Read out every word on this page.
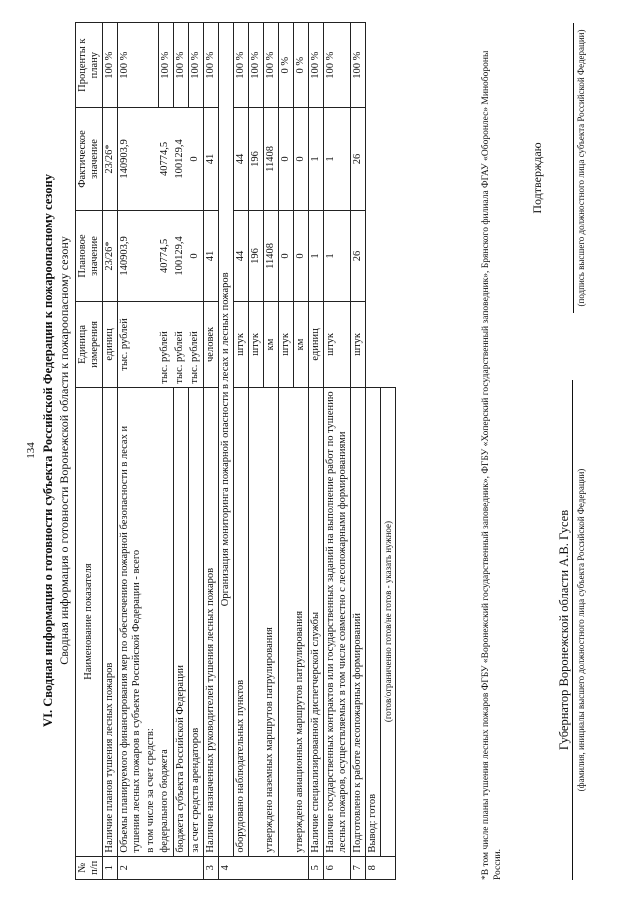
134 VI. Сводная информация о готовности субъекта Российской Федерации к пожароопасному сезону Сводная информация о готовности Воронежской области к пожароопасному сезону
№ п/п	Наименование показателя	Единица измерения	Плановое значение	Фактическое значение	Проценты к плану
1	Наличие планов тушения лесных пожаров	единиц	23/26*	23/26*	100 %
2	Объемы планируемого финансирования мер по обеспечению пожарной безопасности в лесах и тушения лесных пожаров в субъекте Российской Федерации - всего	тыс. рублей	140903,9	140903,9	100 %
	в том числе за счет средств:				
	федерального бюджета	тыс. рублей	40774,5	40774,5	100 %
	бюджета субъекта Российской Федерации	тыс. рублей	100129,4	100129,4	100 %
	за счет средств арендаторов	тыс. рублей	0	0	100 %
3	Наличие назначенных руководителей тушения лесных пожаров	человек	41	41	100 %
4	Организация мониторинга пожарной опасности в лесах и лесных пожаров				
	оборудовано наблюдательных пунктов	штук	44	44	100 %
		штук	196	196	100 %
	утверждено наземных маршрутов патрулирования	км	11408	11408	100 %
		штук	0	0	0 %
	утверждено авиационных маршрутов патрулирования	км	0	0	0 %
5	Наличие специализированной диспетчерской службы	единиц	1	1	100 %
6	Наличие государственных контрактов или государственных заданий на выполнение работ по тушению лесных пожаров, осуществляемых в том числе совместно с лесопожарными формированиями	штук	1	1	100 %
7	Подготовлено к работе лесопожарных формирований	штук	26	26	100 %
8	Вывод: готов				
	(готов/ограниченно готов/не готов - указать нужное)					*В том числе планы тушения лесных пожаров ФГБУ «Воронежский государственный заповедник», ФГБУ «Хоперский государственный заповедник», Брянского филиала ФГАУ «Оборонлес» Минобороны России.
Подтверждаю
Губернатор Воронежской области А.В. Гусев (фамилия, инициалы высшего должностного лица субъекта Российской Федерации)
(подпись высшего должностного лица субъекта Российской Федерации)
